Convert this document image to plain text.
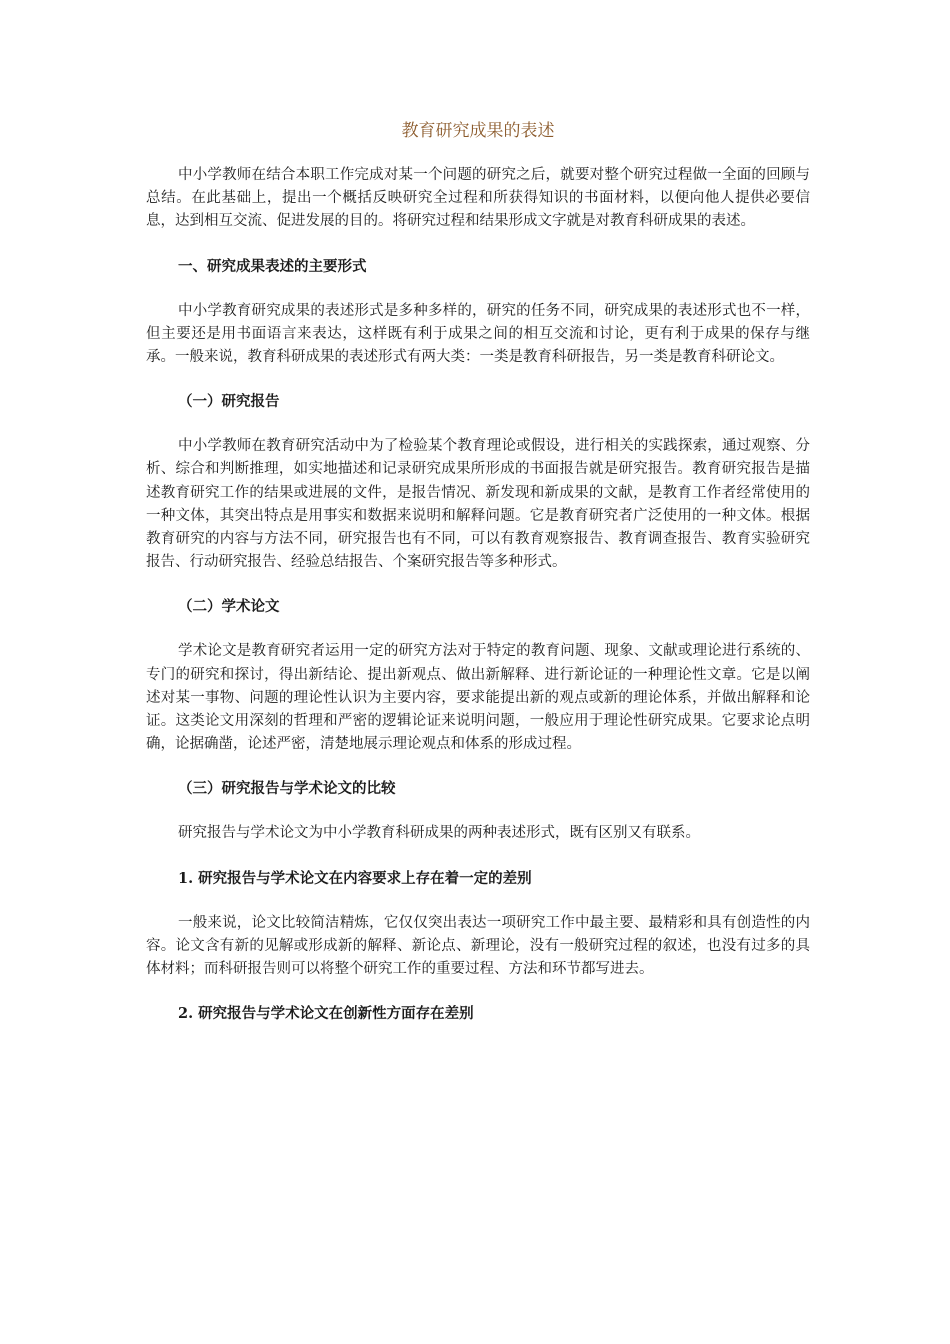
教育研究成果的表述

中小学教师在结合本职工作完成对某一个问题的研究之后，就要对整个研究过程做一全面的回顾与总结。在此基础上，提出一个概括反映研究全过程和所获得知识的书面材料，以便向他人提供必要信息，达到相互交流、促进发展的目的。将研究过程和结果形成文字就是对教育科研成果的表述。

一、研究成果表述的主要形式

中小学教育研究成果的表述形式是多种多样的，研究的任务不同，研究成果的表述形式也不一样，但主要还是用书面语言来表达，这样既有利于成果之间的相互交流和讨论，更有利于成果的保存与继承。一般来说，教育科研成果的表述形式有两大类：一类是教育科研报告，另一类是教育科研论文。

（一）研究报告

中小学教师在教育研究活动中为了检验某个教育理论或假设，进行相关的实践探索，通过观察、分析、综合和判断推理，如实地描述和记录研究成果所形成的书面报告就是研究报告。教育研究报告是描述教育研究工作的结果或进展的文件，是报告情况、新发现和新成果的文献，是教育工作者经常使用的一种文体，其突出特点是用事实和数据来说明和解释问题。它是教育研究者广泛使用的一种文体。根据教育研究的内容与方法不同，研究报告也有不同，可以有教育观察报告、教育调查报告、教育实验研究报告、行动研究报告、经验总结报告、个案研究报告等多种形式。

（二）学术论文

学术论文是教育研究者运用一定的研究方法对于特定的教育问题、现象、文献或理论进行系统的、专门的研究和探讨，得出新结论、提出新观点、做出新解释、进行新论证的一种理论性文章。它是以阐述对某一事物、问题的理论性认识为主要内容，要求能提出新的观点或新的理论体系，并做出解释和论证。这类论文用深刻的哲理和严密的逻辑论证来说明问题，一般应用于理论性研究成果。它要求论点明确，论据确凿，论述严密，清楚地展示理论观点和体系的形成过程。

（三）研究报告与学术论文的比较

研究报告与学术论文为中小学教育科研成果的两种表述形式，既有区别又有联系。

1. 研究报告与学术论文在内容要求上存在着一定的差别

一般来说，论文比较简洁精炼，它仅仅突出表达一项研究工作中最主要、最精彩和具有创造性的内容。论文含有新的见解或形成新的解释、新论点、新理论，没有一般研究过程的叙述，也没有过多的具体材料；而科研报告则可以将整个研究工作的重要过程、方法和环节都写进去。

2. 研究报告与学术论文在创新性方面存在差别
